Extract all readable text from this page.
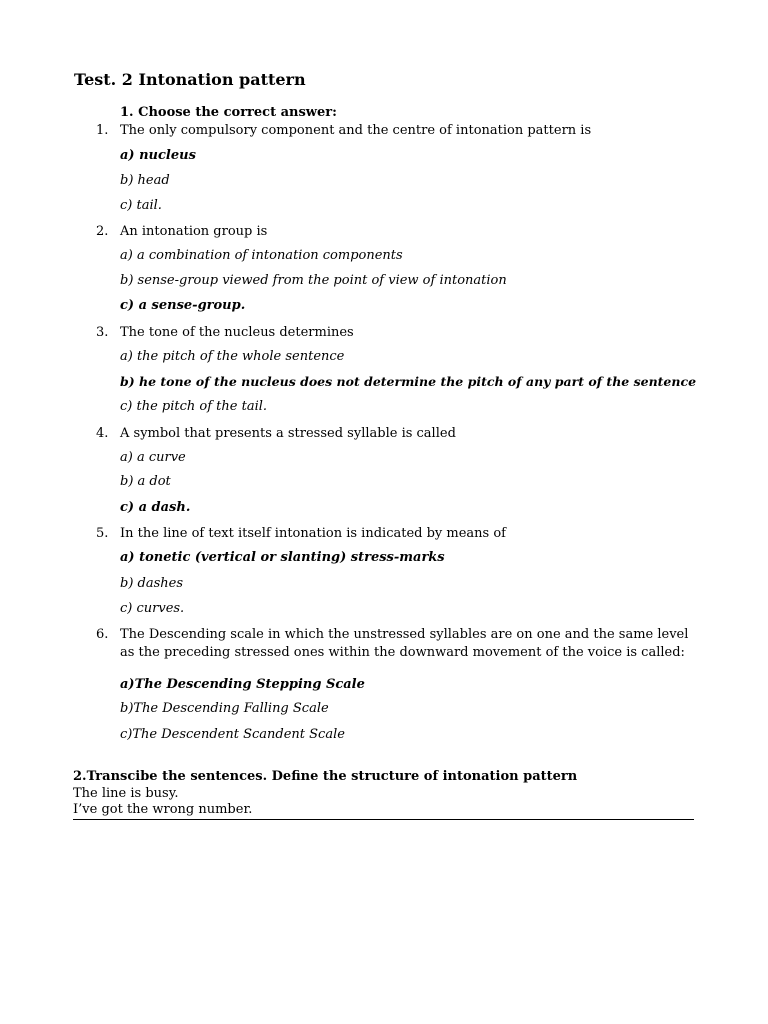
Test. 2 Intonation pattern
1. Choose the correct answer:
1. The only compulsory component and the centre of intonation pattern is
a) nucleus
b) head
c) tail.
2. An intonation group is
a) a combination of intonation components
b) sense-group viewed from the point of view of intonation
c) a sense-group.
3. The tone of the nucleus determines
a) the pitch of the whole sentence
b) he tone of the nucleus does not determine the pitch of any part of the sentence
c) the pitch of the tail.
4. A symbol that presents a stressed syllable is called
a) a curve
b) a dot
c) a dash.
5. In the line of text itself intonation is indicated by means of
a) tonetic (vertical or slanting) stress-marks
b) dashes
c) curves.
6. The Descending scale in which the unstressed syllables are on one and the same level as the preceding stressed ones within the downward movement of the voice is called:
a)The Descending Stepping Scale
b)The Descending Falling Scale
c)The Descendent Scandent Scale
2.Transcibe the sentences. Define the structure of intonation pattern
The line is busy.
I’ve got the wrong number.
